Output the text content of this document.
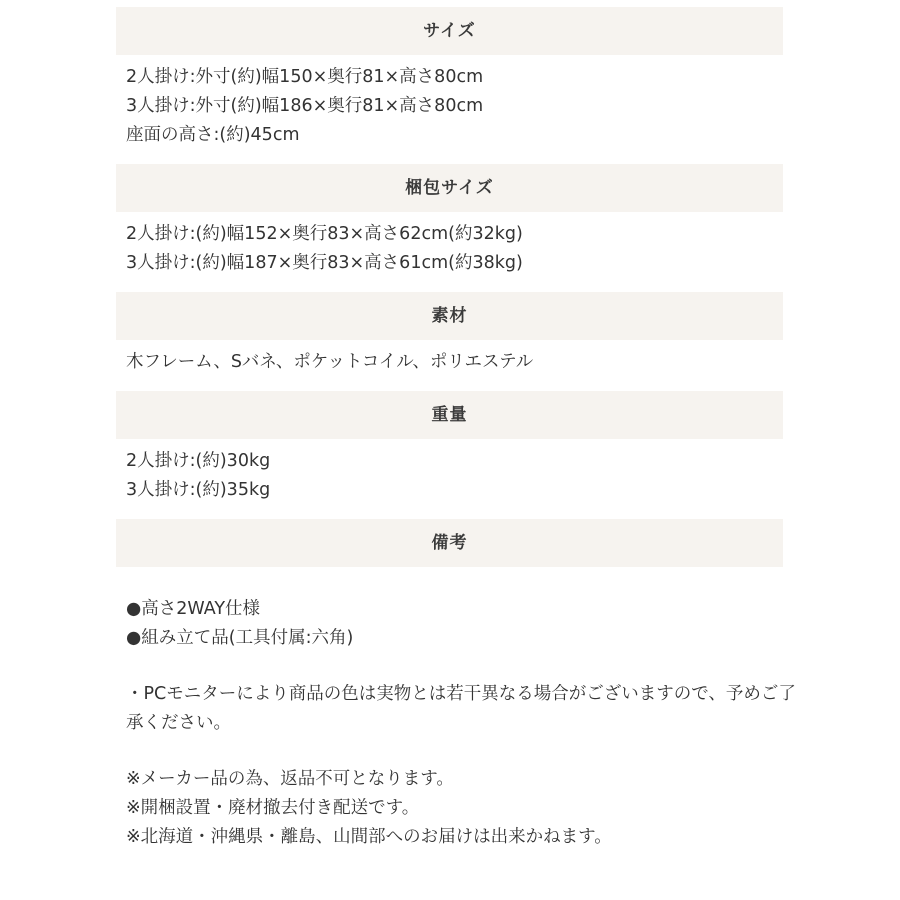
サイズ
2人掛け:外寸(約)幅150×奥行81×高さ80cm
3人掛け:外寸(約)幅186×奥行81×高さ80cm
座面の高さ:(約)45cm
梱包サイズ
2人掛け:(約)幅152×奥行83×高さ62cm(約32kg)
3人掛け:(約)幅187×奥行83×高さ61cm(約38kg)
素材
木フレーム、Sバネ、ポケットコイル、ポリエステル
重量
2人掛け:(約)30kg
3人掛け:(約)35kg
備考
●高さ2WAY仕様
●組み立て品(工具付属:六角)
・PCモニターにより商品の色は実物とは若干異なる場合がございますので、予めご了承ください。
※メーカー品の為、返品不可となります。
※開梱設置・廃材撤去付き配送です。
※北海道・沖縄県・離島、山間部へのお届けは出来かねます。
